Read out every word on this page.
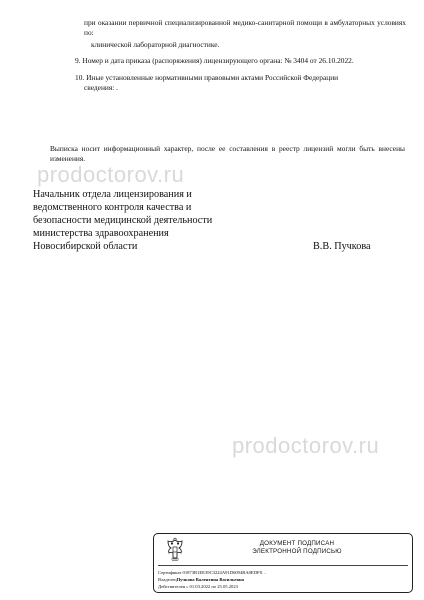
при оказании первичной специализированной медико-санитарной помощи в амбулаторных условиях по:
клинической лабораторной диагностике.
9. Номер и дата приказа (распоряжения) лицензирующего органа: № 3404 от 26.10.2022.
10. Иные установленные нормативными правовыми актами Российской Федерации
сведения: .
Выписка носит информационный характер, после ее составления в реестр лицензий могли быть внесены изменения.
prodoctorov.ru
prodoctorov.ru
Начальник отдела лицензирования и
ведомственного контроля качества и
безопасности медицинской деятельности
министерства здравоохранения
Новосибирской области	В.В. Пучкова
ДОКУМЕНТ ПОДПИСАН
ЭЛЕКТРОННОЙ ПОДПИСЬЮ
Сертификат 01873B1EE39C3224A91D6094BA0EDF8…
ВладелецПучкова Валентина Васильевна
Действителен с 01.03.2022 по 25.05.2023
